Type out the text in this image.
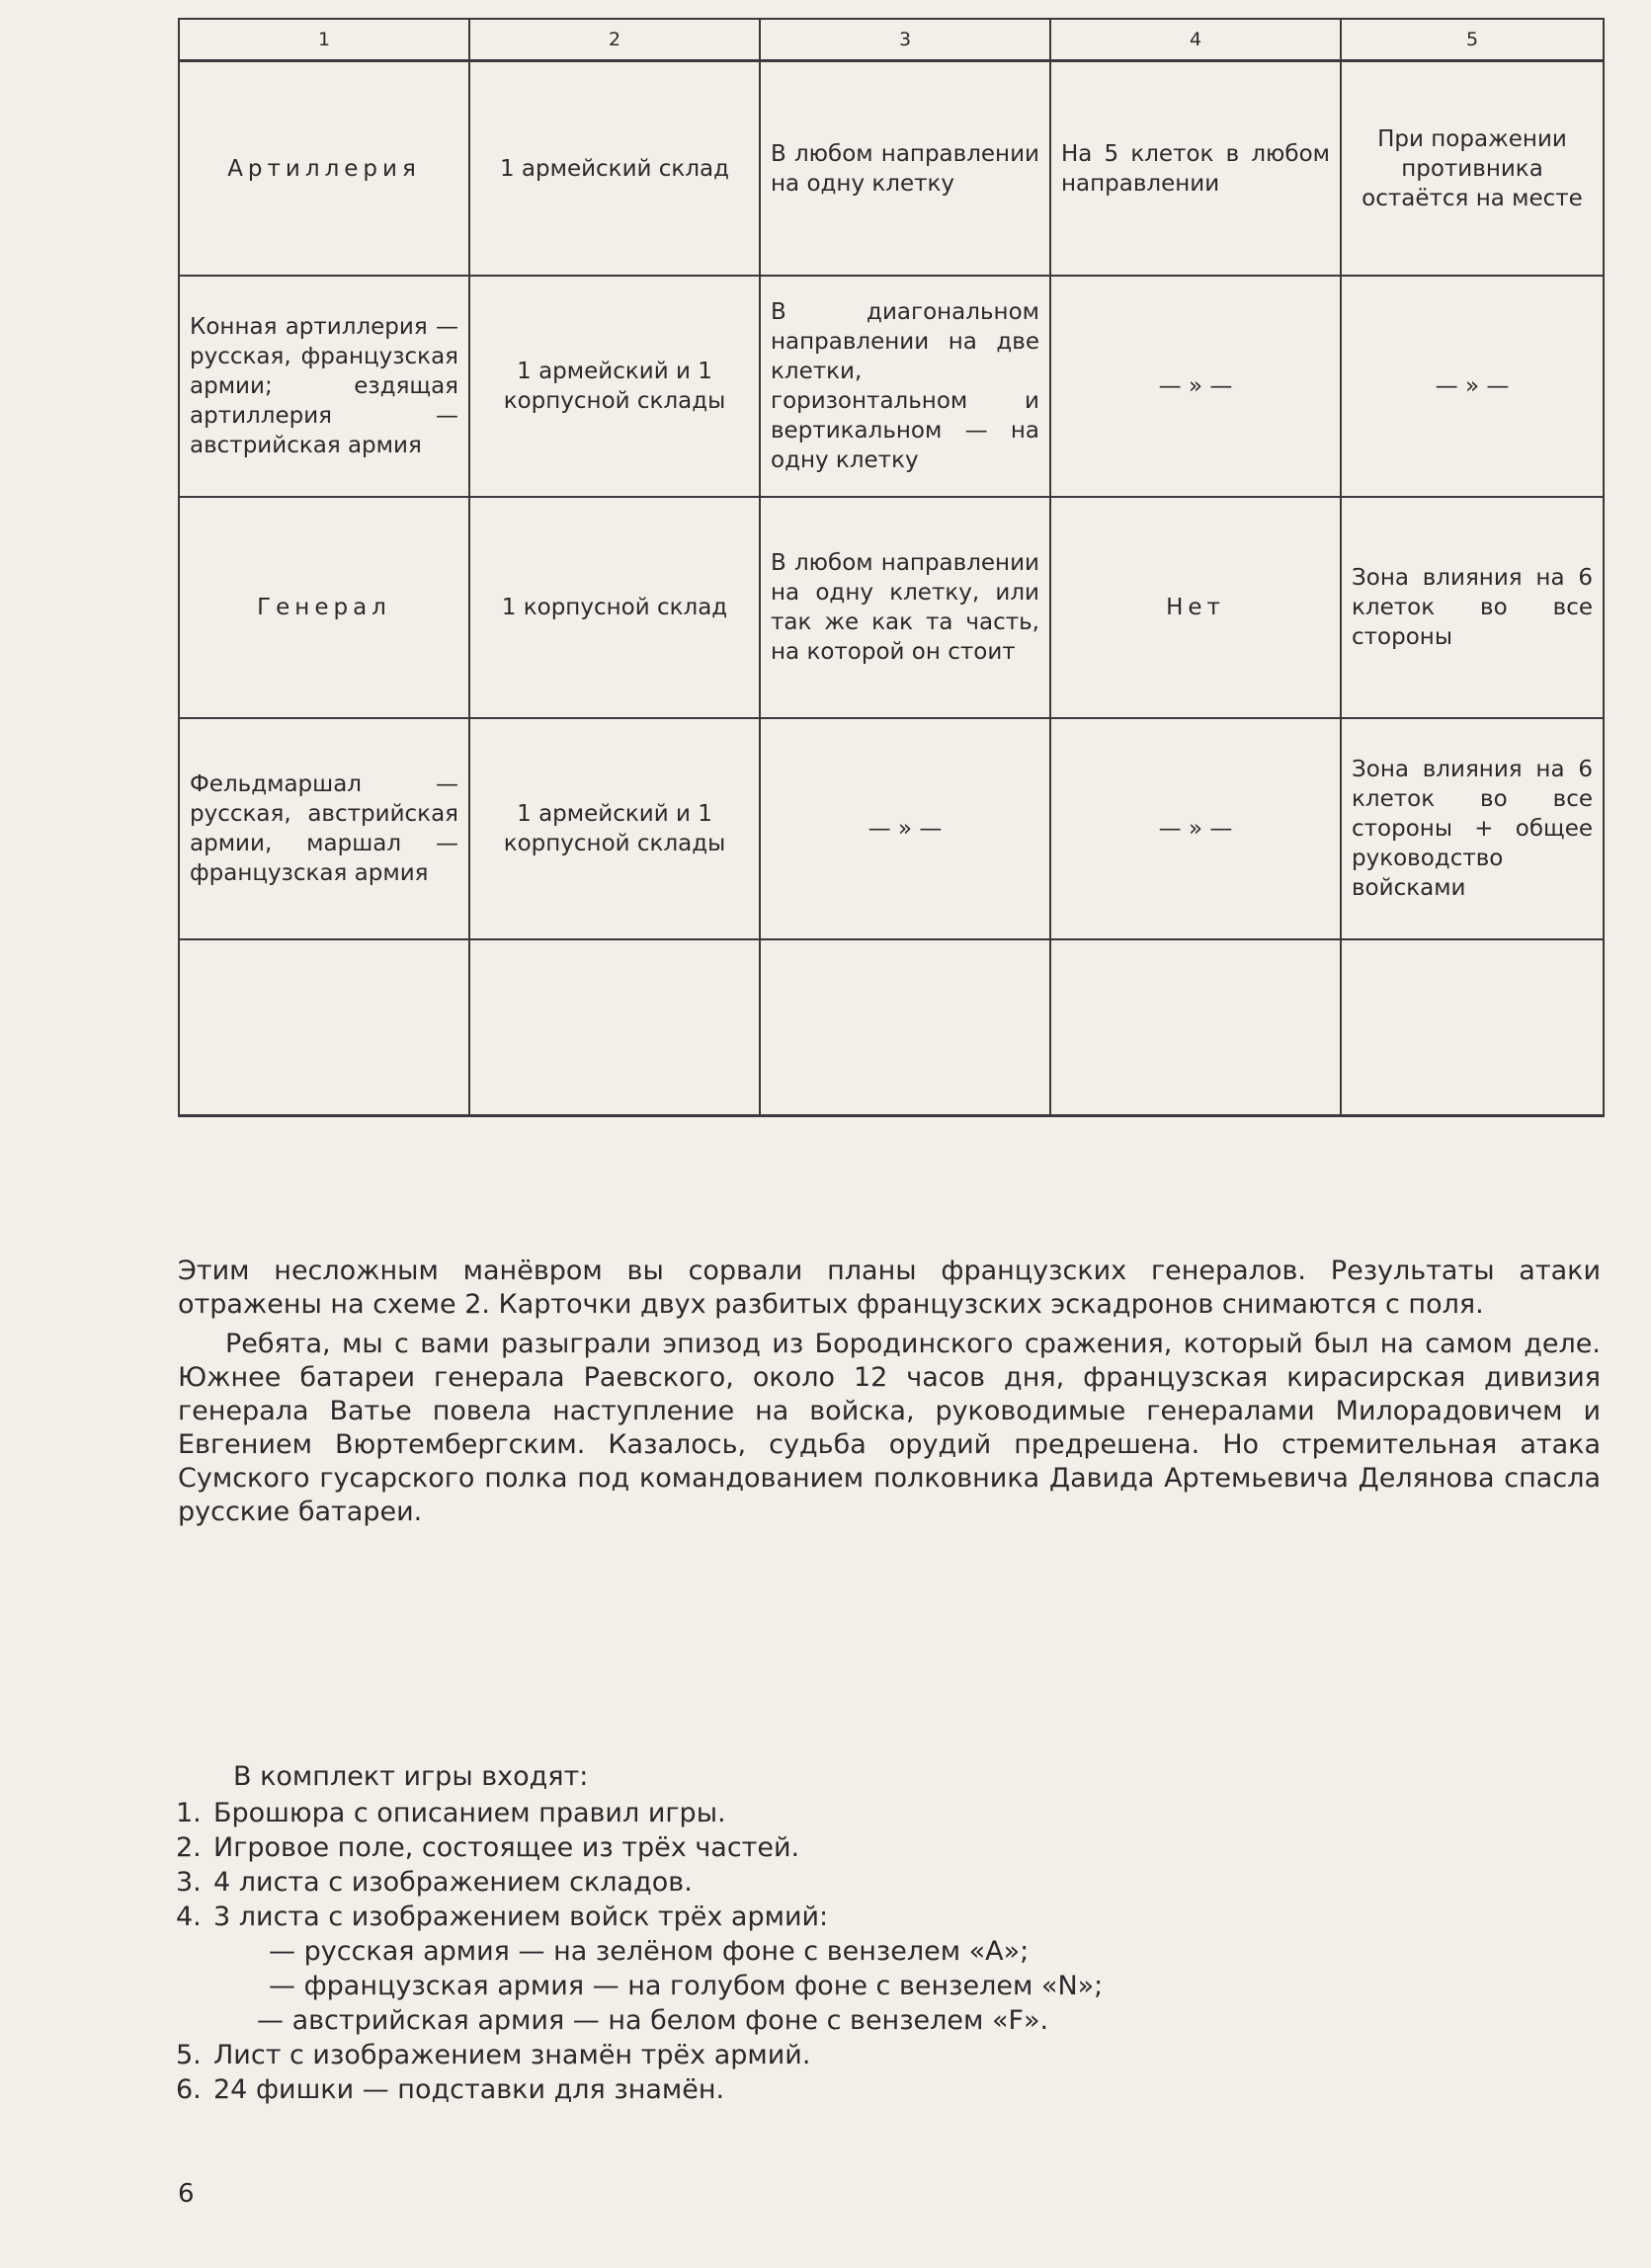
1	2	3	4	5
Артиллерия	1 армейский склад	В любом направлении на одну клетку	На 5 клеток в любом направлении	При поражении противника остаётся на месте
Конная артиллерия — русская, французская армии; ездящая артиллерия — австрийская армия	1 армейский и 1 корпусной склады	В диагональном направлении на две клетки, горизонтальном и вертикальном — на одну клетку	— » —	— » —
Генерал	1 корпусной склад	В любом направлении на одну клетку, или так же как та часть, на которой он стоит	Нет	Зона влияния на 6 клеток во все стороны
Фельдмаршал — русская, австрийская армии, маршал — французская армия	1 армейский и 1 корпусной склады	— » —	— » —	Зона влияния на 6 клеток во все стороны + общее руководство войсками

Этим несложным манёвром вы сорвали планы французских генералов. Результаты атаки отражены на схеме 2. Карточки двух разбитых французских эскадронов снимаются с поля.

Ребята, мы с вами разыграли эпизод из Бородинского сражения, который был на самом деле. Южнее батареи генерала Раевского, около 12 часов дня, французская кирасирская дивизия генерала Ватье повела наступление на войска, руководимые генералами Милорадовичем и Евгением Вюртембергским. Казалось, судьба орудий предрешена. Но стремительная атака Сумского гусарского полка под командованием полковника Давида Артемьевича Делянова спасла русские батареи.

В комплект игры входят:

1. Брошюра с описанием правил игры.
2. Игровое поле, состоящее из трёх частей.
3. 4 листа с изображением складов.
4. 3 листа с изображением войск трёх армий:
— русская армия — на зелёном фоне с вензелем «А»;
— французская армия — на голубом фоне с вензелем «N»;
— австрийская армия — на белом фоне с вензелем «F».
5. Лист с изображением знамён трёх армий.
6. 24 фишки — подставки для знамён.
6
